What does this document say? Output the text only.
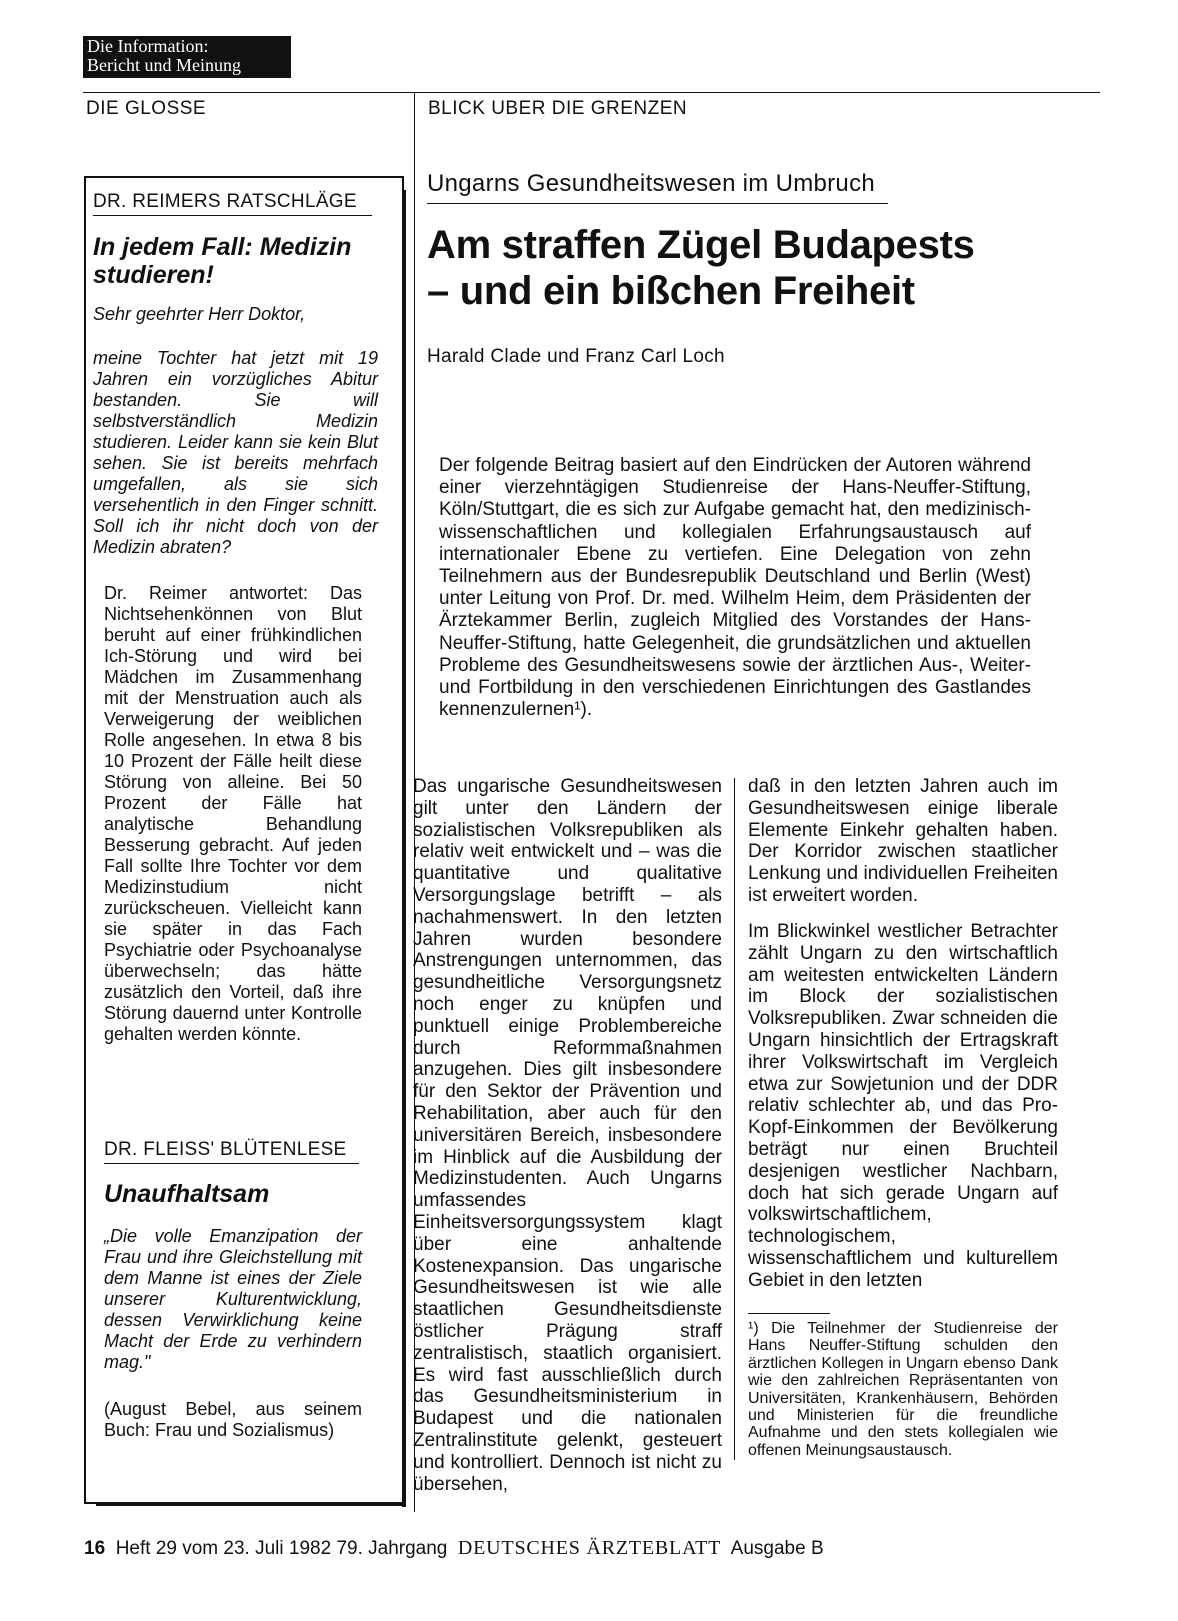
Die Information:
Bericht und Meinung
DIE GLOSSE	BLICK UBER DIE GRENZEN
DR. REIMERS RATSCHLÄGE
In jedem Fall: Medizin studieren!
Sehr geehrter Herr Doktor,
meine Tochter hat jetzt mit 19 Jahren ein vorzügliches Abitur bestanden. Sie will selbstverständlich Medizin studieren. Leider kann sie kein Blut sehen. Sie ist bereits mehrfach umgefallen, als sie sich versehentlich in den Finger schnitt. Soll ich ihr nicht doch von der Medizin abraten?
Dr. Reimer antwortet: Das Nichtsehenkönnen von Blut beruht auf einer frühkindlichen Ich-Störung und wird bei Mädchen im Zusammenhang mit der Menstruation auch als Verweigerung der weiblichen Rolle angesehen. In etwa 8 bis 10 Prozent der Fälle heilt diese Störung von alleine. Bei 50 Prozent der Fälle hat analytische Behandlung Besserung gebracht. Auf jeden Fall sollte Ihre Tochter vor dem Medizinstudium nicht zurückscheuen. Vielleicht kann sie später in das Fach Psychiatrie oder Psychoanalyse überwechseln; das hätte zusätzlich den Vorteil, daß ihre Störung dauernd unter Kontrolle gehalten werden könnte.
DR. FLEISS' BLÜTENLESE
Unaufhaltsam
„Die volle Emanzipation der Frau und ihre Gleichstellung mit dem Manne ist eines der Ziele unserer Kulturentwicklung, dessen Verwirklichung keine Macht der Erde zu verhindern mag."
(August Bebel, aus seinem Buch: Frau und Sozialismus)
Ungarns Gesundheitswesen im Umbruch
Am straffen Zügel Budapests
– und ein bißchen Freiheit
Harald Clade und Franz Carl Loch
Der folgende Beitrag basiert auf den Eindrücken der Autoren während einer vierzehntägigen Studienreise der Hans-Neuffer-Stiftung, Köln/Stuttgart, die es sich zur Aufgabe gemacht hat, den medizinisch-wissenschaftlichen und kollegialen Erfahrungsaustausch auf internationaler Ebene zu vertiefen. Eine Delegation von zehn Teilnehmern aus der Bundesrepublik Deutschland und Berlin (West) unter Leitung von Prof. Dr. med. Wilhelm Heim, dem Präsidenten der Ärztekammer Berlin, zugleich Mitglied des Vorstandes der Hans-Neuffer-Stiftung, hatte Gelegenheit, die grundsätzlichen und aktuellen Probleme des Gesundheitswesens sowie der ärztlichen Aus-, Weiter- und Fortbildung in den verschiedenen Einrichtungen des Gastlandes kennenzulernen¹).
Das ungarische Gesundheitswesen gilt unter den Ländern der sozialistischen Volksrepubliken als relativ weit entwickelt und – was die quantitative und qualitative Versorgungslage betrifft – als nachahmenswert. In den letzten Jahren wurden besondere Anstrengungen unternommen, das gesundheitliche Versorgungsnetz noch enger zu knüpfen und punktuell einige Problembereiche durch Reformmaßnahmen anzugehen. Dies gilt insbesondere für den Sektor der Prävention und Rehabilitation, aber auch für den universitären Bereich, insbesondere im Hinblick auf die Ausbildung der Medizinstudenten. Auch Ungarns umfassendes Einheitsversorgungssystem klagt über eine anhaltende Kostenexpansion. Das ungarische Gesundheitswesen ist wie alle staatlichen Gesundheitsdienste östlicher Prägung straff zentralistisch, staatlich organisiert. Es wird fast ausschließlich durch das Gesundheitsministerium in Budapest und die nationalen Zentralinstitute gelenkt, gesteuert und kontrolliert. Dennoch ist nicht zu übersehen,
daß in den letzten Jahren auch im Gesundheitswesen einige liberale Elemente Einkehr gehalten haben. Der Korridor zwischen staatlicher Lenkung und individuellen Freiheiten ist erweitert worden.
Im Blickwinkel westlicher Betrachter zählt Ungarn zu den wirtschaftlich am weitesten entwickelten Ländern im Block der sozialistischen Volksrepubliken. Zwar schneiden die Ungarn hinsichtlich der Ertragskraft ihrer Volkswirtschaft im Vergleich etwa zur Sowjetunion und der DDR relativ schlechter ab, und das Pro-Kopf-Einkommen der Bevölkerung beträgt nur einen Bruchteil desjenigen westlicher Nachbarn, doch hat sich gerade Ungarn auf volkswirtschaftlichem, technologischem, wissenschaftlichem und kulturellem Gebiet in den letzten
¹) Die Teilnehmer der Studienreise der Hans Neuffer-Stiftung schulden den ärztlichen Kollegen in Ungarn ebenso Dank wie den zahlreichen Repräsentanten von Universitäten, Krankenhäusern, Behörden und Ministerien für die freundliche Aufnahme und den stets kollegialen wie offenen Meinungsaustausch.
16 Heft 29 vom 23. Juli 1982 79. Jahrgang DEUTSCHES ÄRZTEBLATT Ausgabe B
